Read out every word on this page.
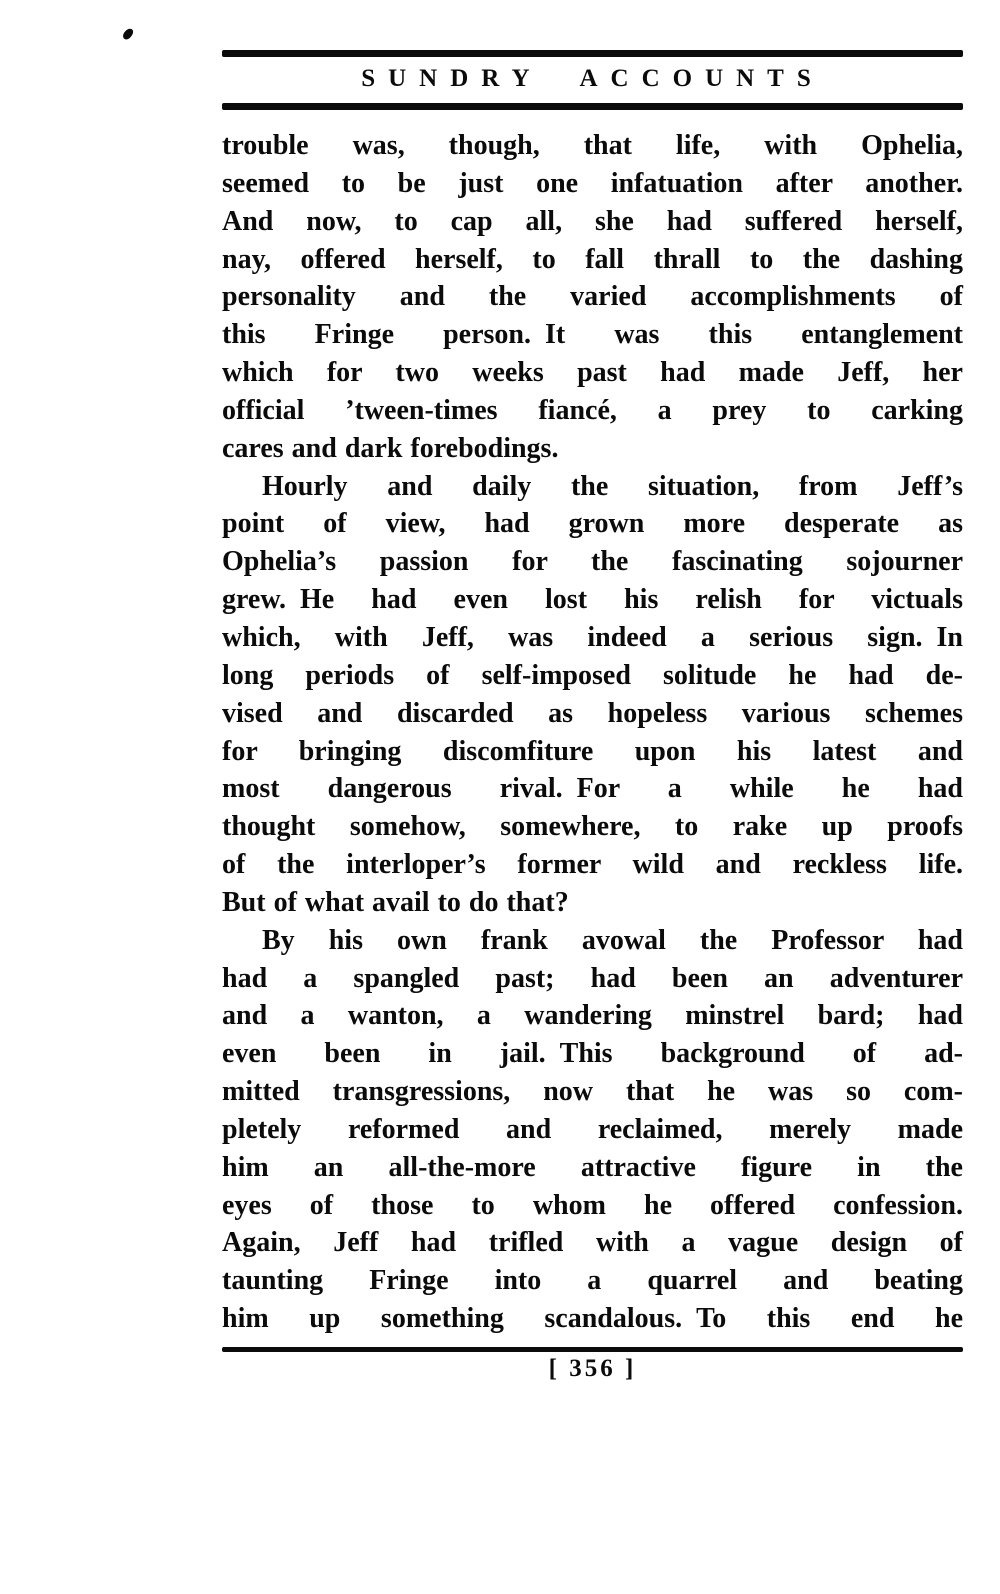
SUNDRY ACCOUNTS
trouble was, though, that life, with Ophelia,
seemed to be just one infatuation after another.
And now, to cap all, she had suffered herself,
nay, offered herself, to fall thrall to the dashing
personality and the varied accomplishments of
this Fringe person. It was this entanglement
which for two weeks past had made Jeff, her
official ’tween-times fiancé, a prey to carking
cares and dark forebodings.
Hourly and daily the situation, from Jeff’s
point of view, had grown more desperate as
Ophelia’s passion for the fascinating sojourner
grew. He had even lost his relish for victuals
which, with Jeff, was indeed a serious sign. In
long periods of self-imposed solitude he had de-
vised and discarded as hopeless various schemes
for bringing discomfiture upon his latest and
most dangerous rival. For a while he had
thought somehow, somewhere, to rake up proofs
of the interloper’s former wild and reckless life.
But of what avail to do that?
By his own frank avowal the Professor had
had a spangled past; had been an adventurer
and a wanton, a wandering minstrel bard; had
even been in jail. This background of ad-
mitted transgressions, now that he was so com-
pletely reformed and reclaimed, merely made
him an all-the-more attractive figure in the
eyes of those to whom he offered confession.
Again, Jeff had trifled with a vague design of
taunting Fringe into a quarrel and beating
him up something scandalous. To this end he
[ 356 ]
